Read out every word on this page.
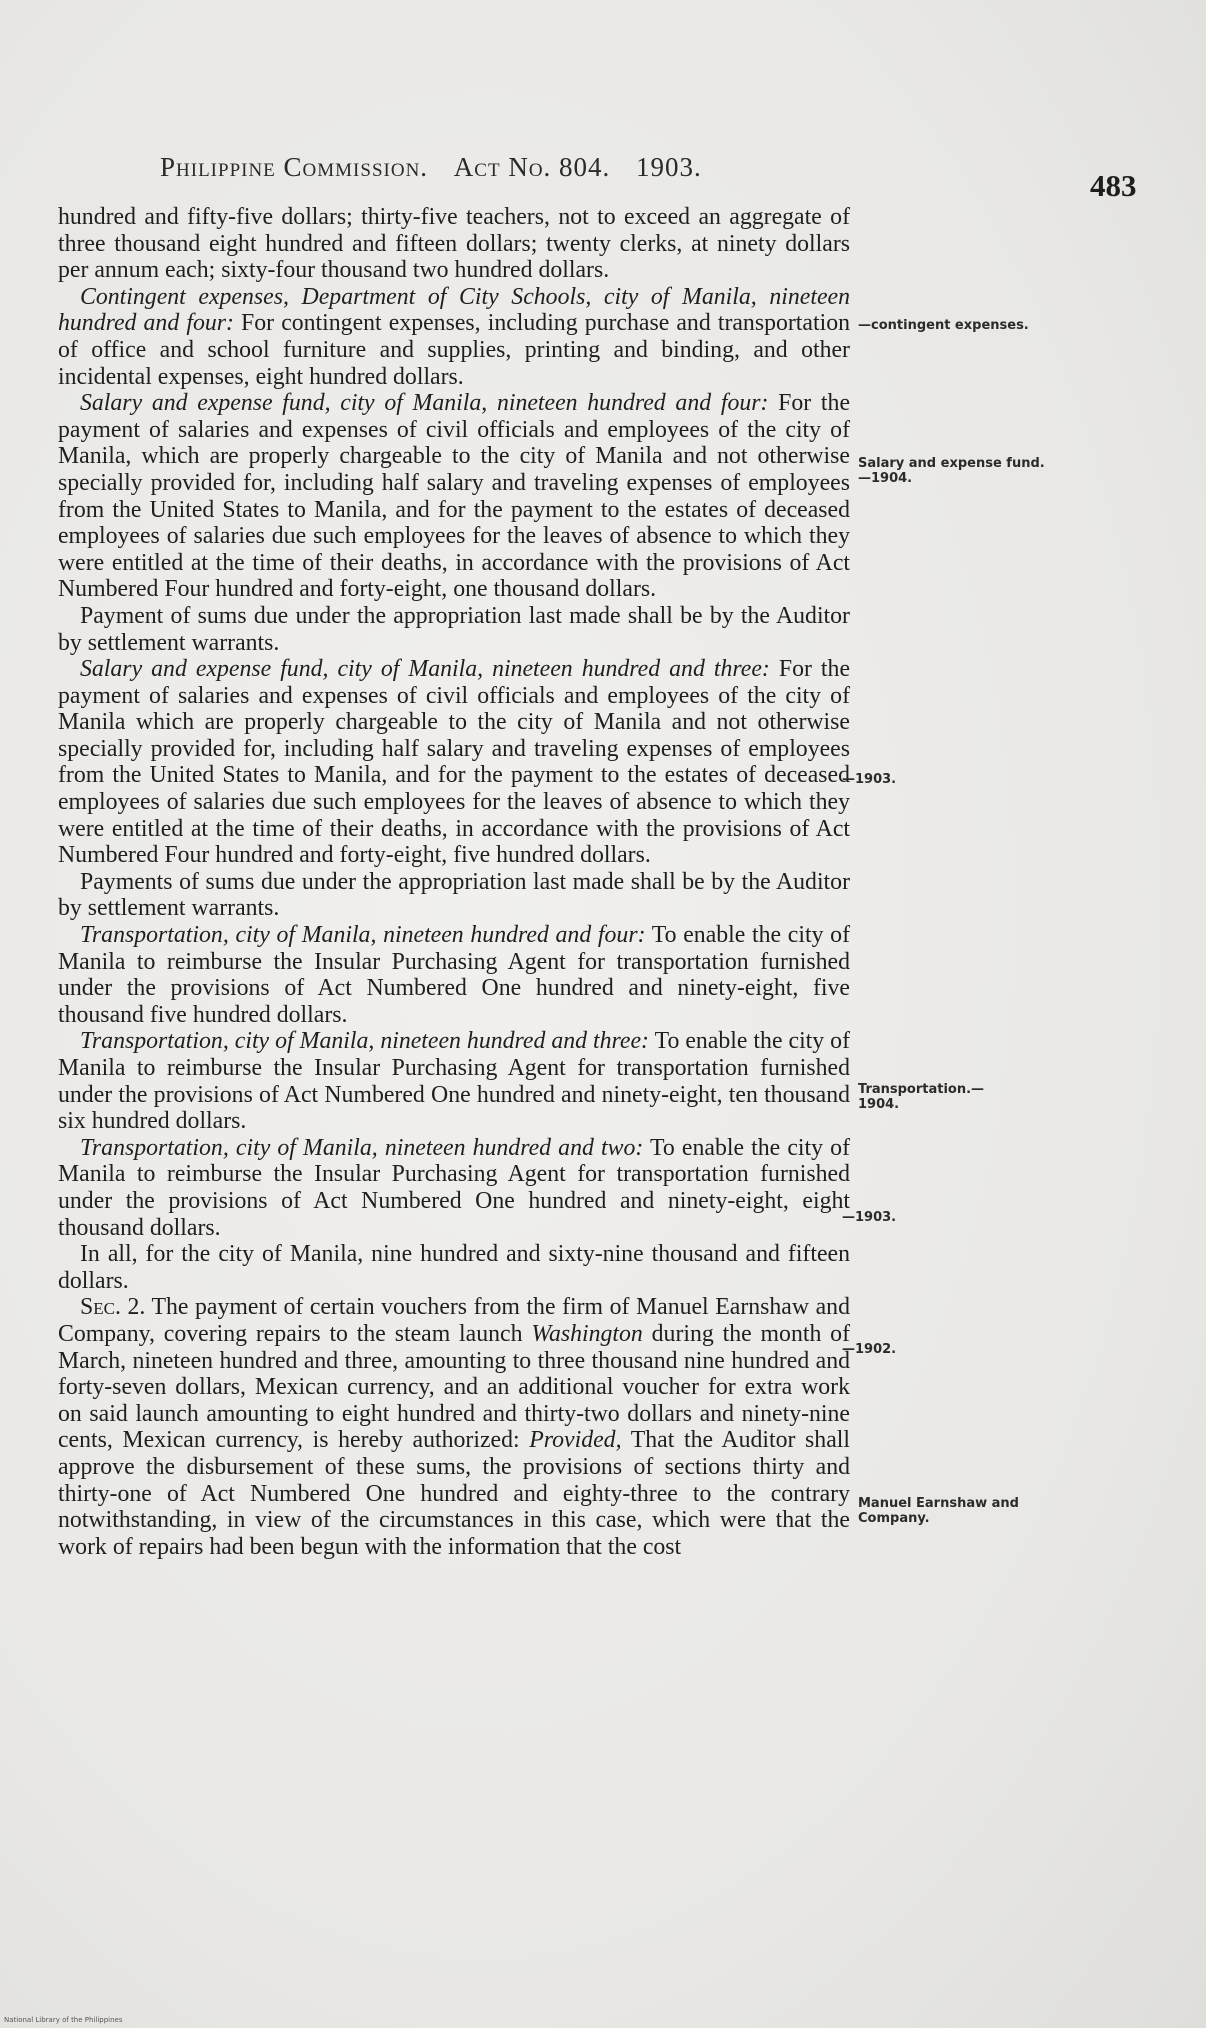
Philippine Commission. Act No. 804. 1903.
483

hundred and fifty-five dollars; thirty-five teachers, not to exceed an aggregate of three thousand eight hundred and fifteen dollars; twenty clerks, at ninety dollars per annum each; sixty-four thousand two hundred dollars.

Contingent expenses, Department of City Schools, city of Manila, nineteen hundred and four: For contingent expenses, including purchase and transportation of office and school furniture and supplies, printing and binding, and other incidental expenses, eight hundred dollars.

Salary and expense fund, city of Manila, nineteen hundred and four: For the payment of salaries and expenses of civil officials and employees of the city of Manila, which are properly chargeable to the city of Manila and not otherwise specially provided for, including half salary and traveling expenses of employees from the United States to Manila, and for the payment to the estates of deceased employees of salaries due such employees for the leaves of absence to which they were entitled at the time of their deaths, in accordance with the provisions of Act Numbered Four hundred and forty-eight, one thousand dollars.

Payment of sums due under the appropriation last made shall be by the Auditor by settlement warrants.

Salary and expense fund, city of Manila, nineteen hundred and three: For the payment of salaries and expenses of civil officials and employees of the city of Manila which are properly chargeable to the city of Manila and not otherwise specially provided for, including half salary and traveling expenses of employees from the United States to Manila, and for the payment to the estates of deceased employees of salaries due such employees for the leaves of absence to which they were entitled at the time of their deaths, in accordance with the provisions of Act Numbered Four hundred and forty-eight, five hundred dollars.

Payments of sums due under the appropriation last made shall be by the Auditor by settlement warrants.

Transportation, city of Manila, nineteen hundred and four: To enable the city of Manila to reimburse the Insular Purchasing Agent for transportation furnished under the provisions of Act Numbered One hundred and ninety-eight, five thousand five hundred dollars.

Transportation, city of Manila, nineteen hundred and three: To enable the city of Manila to reimburse the Insular Purchasing Agent for transportation furnished under the provisions of Act Numbered One hundred and ninety-eight, ten thousand six hundred dollars.

Transportation, city of Manila, nineteen hundred and two: To enable the city of Manila to reimburse the Insular Purchasing Agent for transportation furnished under the provisions of Act Numbered One hundred and ninety-eight, eight thousand dollars.

In all, for the city of Manila, nine hundred and sixty-nine thousand and fifteen dollars.

Sec. 2. The payment of certain vouchers from the firm of Manuel Earnshaw and Company, covering repairs to the steam launch Washington during the month of March, nineteen hundred and three, amounting to three thousand nine hundred and forty-seven dollars, Mexican currency, and an additional voucher for extra work on said launch amounting to eight hundred and thirty-two dollars and ninety-nine cents, Mexican currency, is hereby authorized: Provided, That the Auditor shall approve the disbursement of these sums, the provisions of sections thirty and thirty-one of Act Numbered One hundred and eighty-three to the contrary notwithstanding, in view of the circumstances in this case, which were that the work of repairs had been begun with the information that the cost

—contingent expenses.
Salary and expense fund.—1904.
—1903.
Transportation.—1904.
—1903.
—1902.
Manuel Earnshaw and Company.
National Library of the Philippines
